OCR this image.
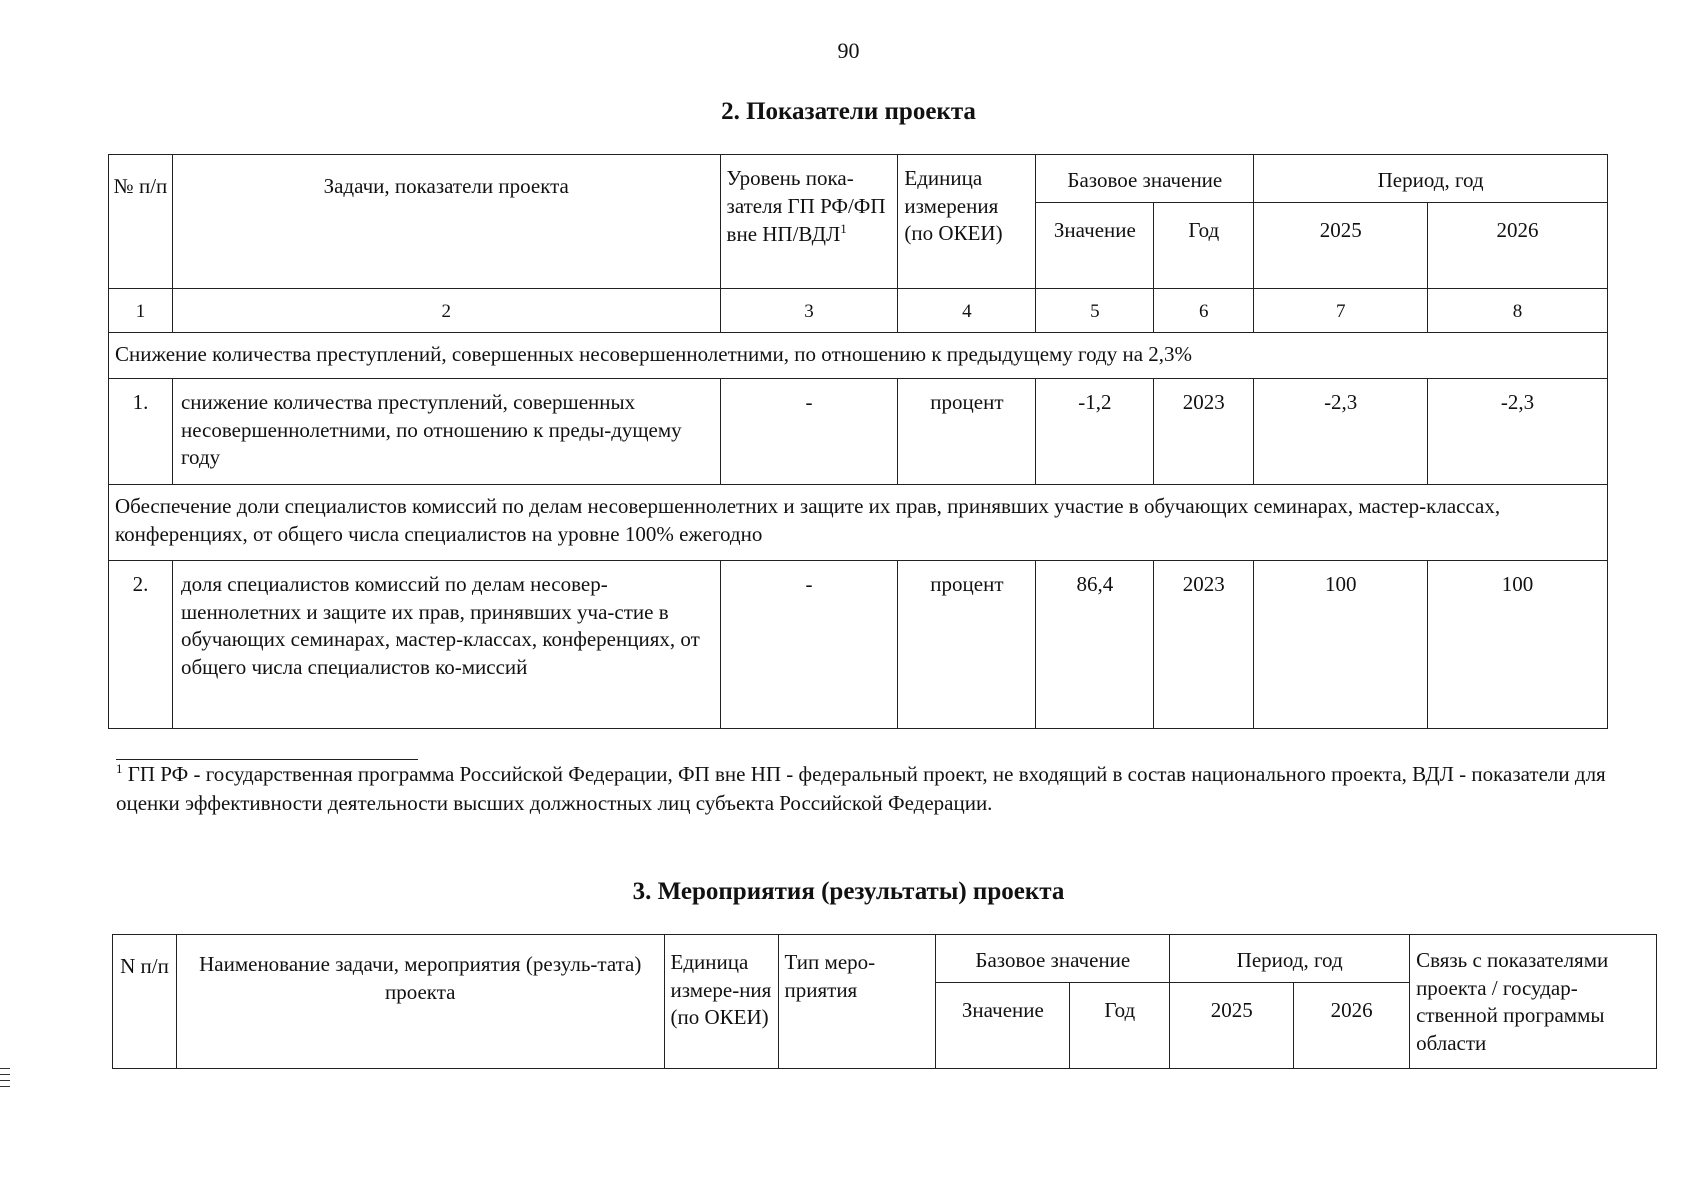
90
2. Показатели проекта
№ п/п	Задачи, показатели проекта	Уровень пока-зателя ГП РФ/ФП вне НП/ВДЛ$^1$	Единица измерения (по ОКЕИ)	Базовое значение		Период, год	
				Значение	Год	2025	2026
1	2	3	4	5	6	7	8
Снижение количества преступлений, совершенных несовершеннолетними, по отношению к предыдущему году на 2,3%							
1.	снижение количества преступлений, совершенных несовершеннолетними, по отношению к преды-дущему году	-	процент	-1,2	2023	-2,3	-2,3
Обеспечение доли специалистов комиссий по делам несовершеннолетних и защите их прав, принявших участие в обучающих семинарах, мастер-классах, конференциях, от общего числа специалистов на уровне 100% ежегодно							
2.	доля специалистов комиссий по делам несовер-шеннолетних и защите их прав, принявших уча-стие в обучающих семинарах, мастер-классах, конференциях, от общего числа специалистов ко-миссий	-	процент	86,4	2023	100	100
$^1$ ГП РФ - государственная программа Российской Федерации, ФП вне НП - федеральный проект, не входящий в состав национального проекта, ВДЛ - показатели для оценки эффективности деятельности высших должностных лиц субъекта Российской Федерации.
3. Мероприятия (результаты) проекта
N п/п	Наименование задачи, мероприятия (резуль-тата) проекта	Единица измере-ния (по ОКЕИ)	Тип меро-приятия	Базовое значение		Период, год		Связь с показателями проекта / государ-ственной программы области
				Значение	Год	2025	2026	
